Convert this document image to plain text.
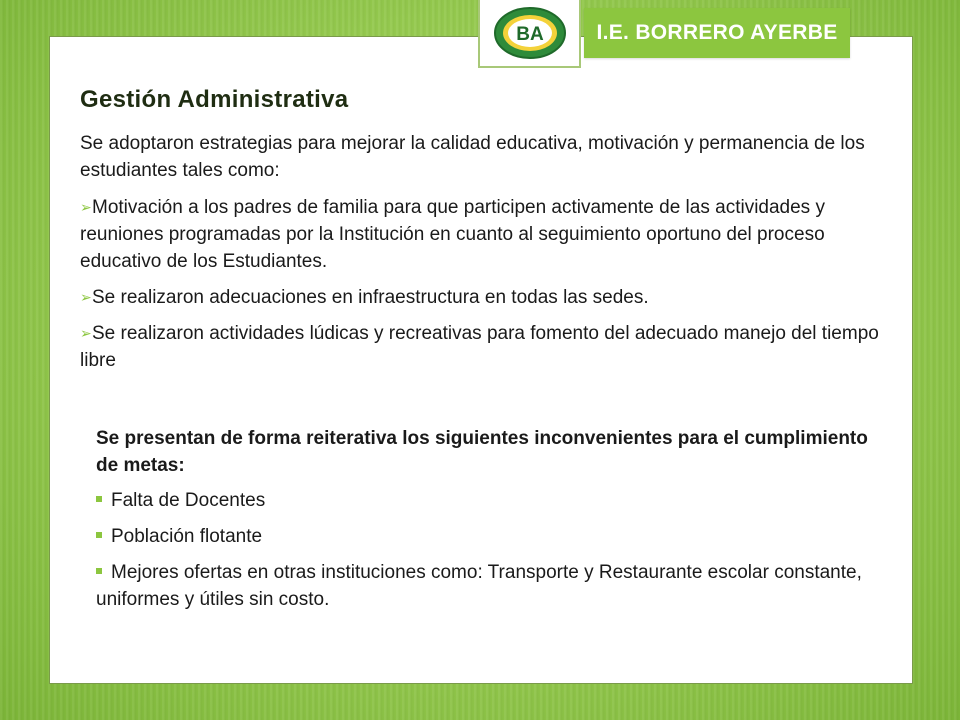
BA	I.E. BORRERO AYERBE
Gestión Administrativa

Se adoptaron estrategias para mejorar la calidad educativa, motivación y permanencia de los estudiantes tales como:

➢Motivación a los padres de familia para que participen activamente de las actividades y reuniones programadas por la Institución en cuanto al seguimiento oportuno del proceso educativo de los Estudiantes.

➢Se realizaron adecuaciones en infraestructura en todas las sedes.

➢Se realizaron actividades lúdicas y recreativas para fomento del adecuado manejo del tiempo libre

Se presentan de forma reiterativa los siguientes inconvenientes para el cumplimiento de metas:

Falta de Docentes

Población flotante

Mejores ofertas en otras instituciones como: Transporte y Restaurante escolar constante, uniformes y útiles sin costo.
